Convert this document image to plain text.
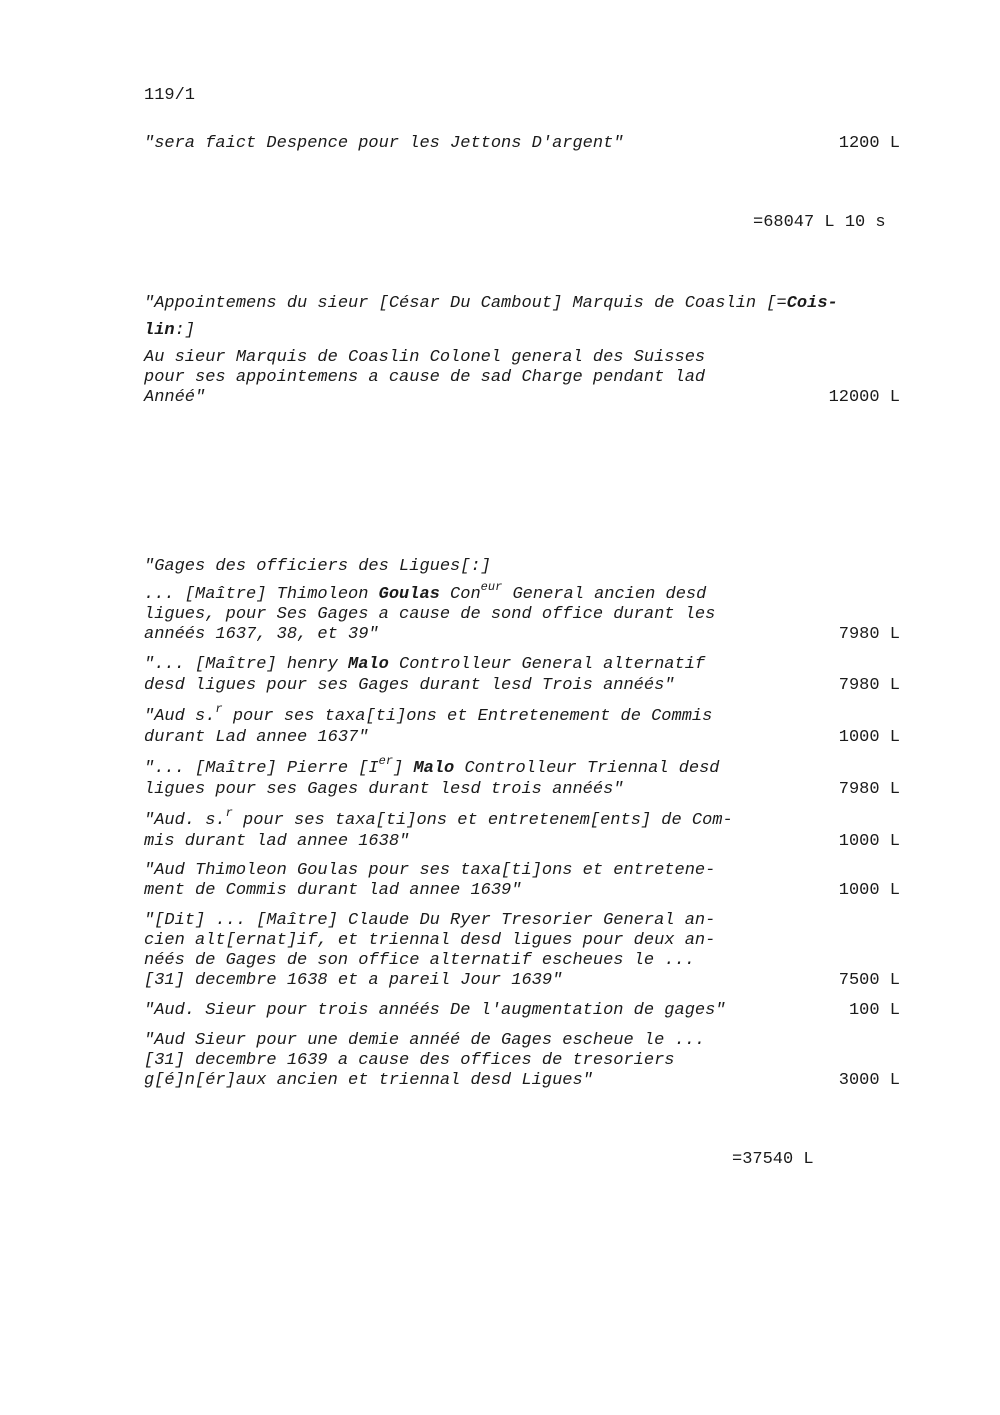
119/1
"sera faict Despence pour les Jettons D'argent"	1200 L
=68047 L 10 s
"Appointemens du sieur [César Du Cambout] Marquis de Coaslin [=Cois-
lin:]
Au sieur Marquis de Coaslin Colonel general des Suisses
pour ses appointemens a cause de sad Charge pendant lad
Annéé"	12000 L
"Gages des officiers des Ligues[:]
... [Maître] Thimoleon Goulas Con$^{eur}$ General ancien desd
ligues, pour Ses Gages a cause de sond office durant les
annéés 1637, 38, et 39"	7980 L
"... [Maître] henry Malo Controlleur General alternatif
desd ligues pour ses Gages durant lesd Trois annéés"	7980 L
"Aud s.$^r$ pour ses taxa[ti]ons et Entretenement de Commis
durant Lad annee 1637"	1000 L
"... [Maître] Pierre [Ier] Malo Controlleur Triennal desd
ligues pour ses Gages durant lesd trois annéés"	7980 L
"Aud. s.$^r$ pour ses taxa[ti]ons et entretenem[ents] de Com-
mis durant lad annee 1638"	1000 L
"Aud Thimoleon Goulas pour ses taxa[ti]ons et entretene-
ment de Commis durant lad annee 1639"	1000 L
"[Dit] ... [Maître] Claude Du Ryer Tresorier General an-
cien alt[ernat]if, et triennal desd ligues pour deux an-
néés de Gages de son office alternatif escheues le ...
[31] decembre 1638 et a pareil Jour 1639"	7500 L
"Aud. Sieur pour trois annéés De l'augmentation de gages"	100 L
"Aud Sieur pour une demie annéé de Gages escheue le ...
[31] decembre 1639 a cause des offices de tresoriers
g[é]n[ér]aux ancien et triennal desd Ligues"	3000 L
=37540 L
